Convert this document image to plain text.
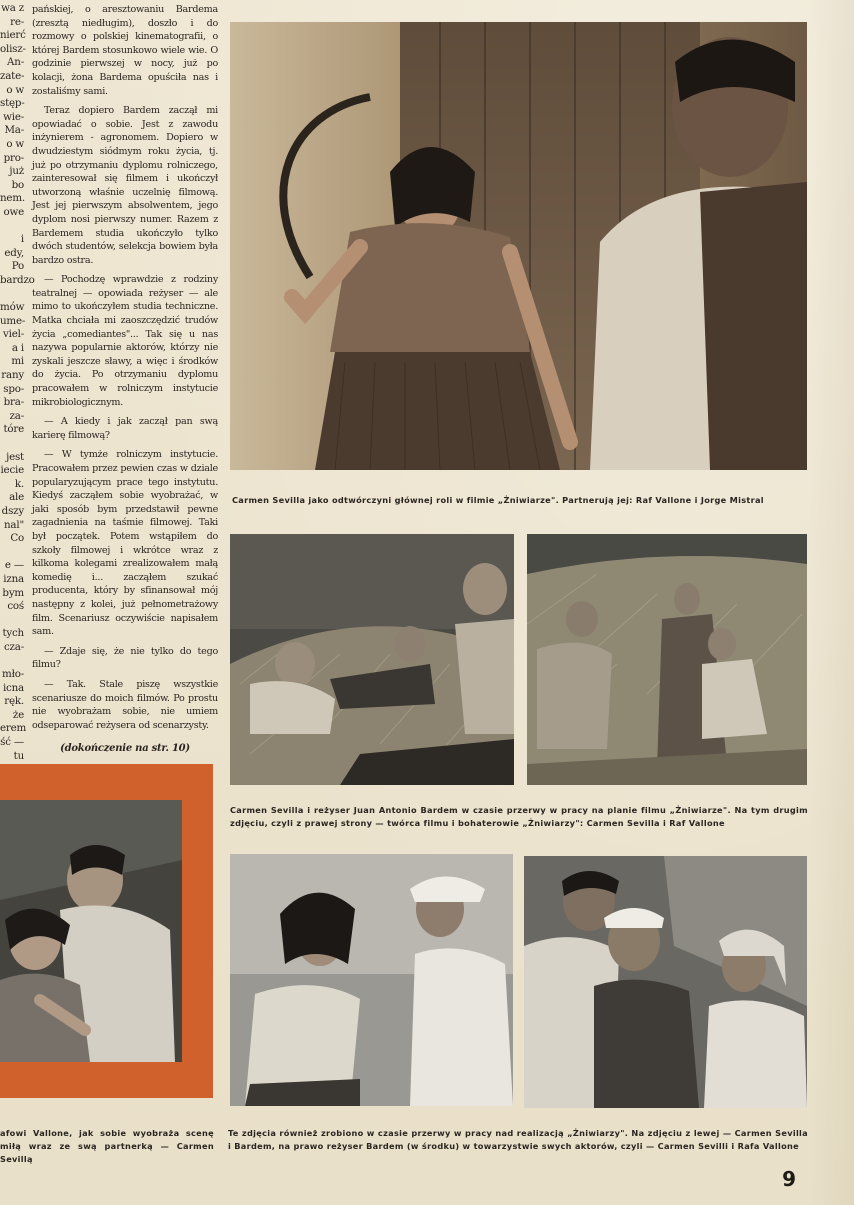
wa z
re-
nierć
olisz-
An-
zate-
o w
stęp-
wie-
Ma-
o w
pro-
już
bo
nem.
owe
i
edy,
Po
bardzo
mów
ume-
viel-
a i
mi
rany
spo-
bra-
za-
tóre
jest
iecie
k.
ale
dszy
nal"
Co
e —
izna
bym
coś
tych
cza-
mło-
icna
ręk.
że
erem
ść —
tu

pańskiej, o aresztowaniu Bardema (zresztą niedługim), doszło i do rozmowy o polskiej kinematografii, o której Bardem stosunkowo wiele wie. O godzinie pierwszej w nocy, już po kolacji, żona Bardema opuściła nas i zostaliśmy sami.

Teraz dopiero Bardem zaczął mi opowiadać o sobie. Jest z zawodu inżynierem - agronomem. Dopiero w dwudziestym siódmym roku życia, tj. już po otrzymaniu dyplomu rolniczego, zainteresował się filmem i ukończył utworzoną właśnie uczelnię filmową. Jest jej pierwszym absolwentem, jego dyplom nosi pierwszy numer. Razem z Bardemem studia ukończyło tylko dwóch studentów, selekcja bowiem była bardzo ostra.

— Pochodzę wprawdzie z rodziny teatralnej — opowiada reżyser — ale mimo to ukończyłem studia techniczne. Matka chciała mi zaoszczędzić trudów życia „comediantes"... Tak się u nas nazywa popularnie aktorów, którzy nie zyskali jeszcze sławy, a więc i środków do życia. Po otrzymaniu dyplomu pracowałem w rolniczym instytucie mikrobiologicznym.

— A kiedy i jak zaczął pan swą karierę filmową?

— W tymże rolniczym instytucie. Pracowałem przez pewien czas w dziale popularyzującym prace tego instytutu. Kiedyś zacząłem sobie wyobrażać, w jaki sposób bym przedstawił pewne zagadnienia na taśmie filmowej. Taki był początek. Potem wstąpiłem do szkoły filmowej i wkrótce wraz z kilkoma kolegami zrealizowałem małą komedię i... zacząłem szukać producenta, który by sfinansował mój następny z kolei, już pełnometrażowy film. Scenariusz oczywiście napisałem sam.

— Zdaje się, że nie tylko do tego filmu?

— Tak. Stale piszę wszystkie scenariusze do moich filmów. Po prostu nie wyobrażam sobie, nie umiem odseparować reżysera od scenarzysty.

(dokończenie na str. 10)
Carmen Sevilla jako odtwórczyni głównej roli w filmie „Żniwiarze". Partnerują jej: Raf Vallone i Jorge Mistral
Carmen Sevilla i reżyser Juan Antonio Bardem w czasie przerwy w pracy na planie filmu „Żniwiarze". Na tym drugim zdjęciu, czyli z prawej strony — twórca filmu i bohaterowie „Żniwiarzy": Carmen Sevilla i Raf Vallone
afowi Vallone, jak sobie wyobraża scenę miłą wraz ze swą partnerką — Carmen Sevillą
Te zdjęcia również zrobiono w czasie przerwy w pracy nad realizacją „Żniwiarzy". Na zdjęciu z lewej — Carmen Sevilla i Bardem, na prawo reżyser Bardem (w środku) w towarzystwie swych aktorów, czyli — Carmen Sevilli i Rafa Vallone
9
